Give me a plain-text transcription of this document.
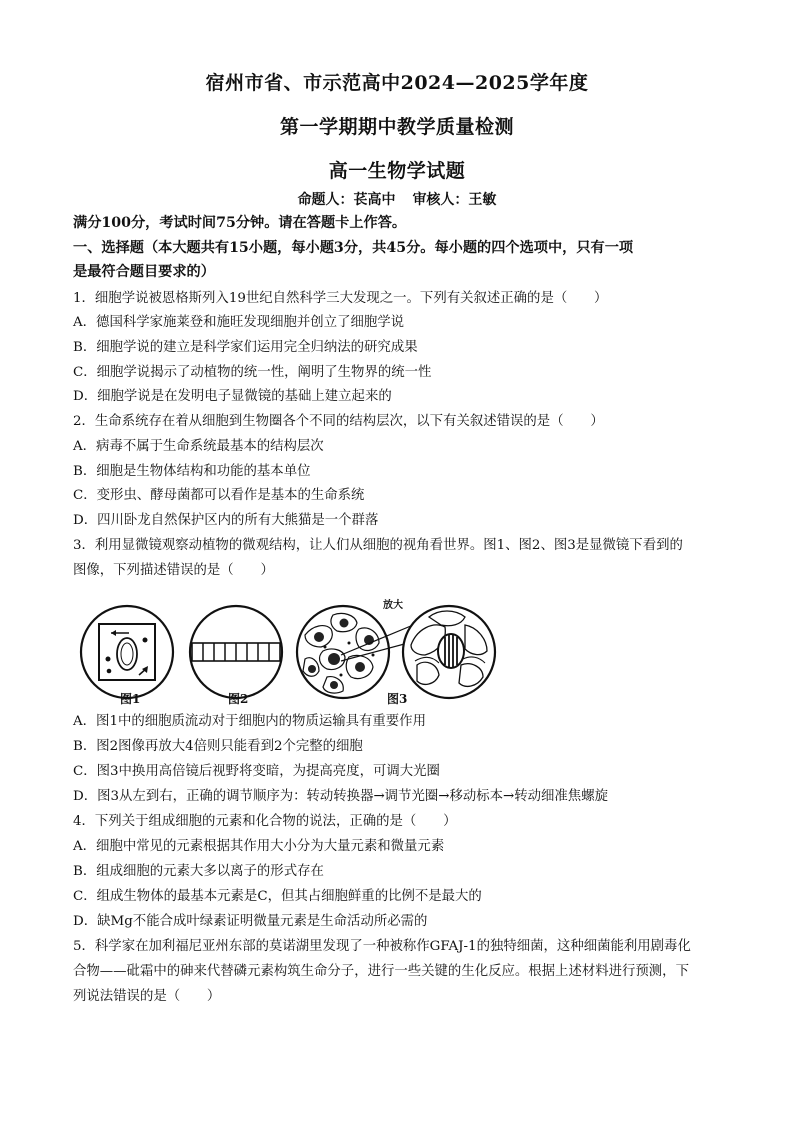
宿州市省、市示范高中2024—2025学年度
第一学期期中教学质量检测
高一生物学试题
命题人：苌高中 审核人：王敏
满分100分，考试时间75分钟。请在答题卡上作答。
一、选择题（本大题共有15小题，每小题3分，共45分。每小题的四个选项中，只有一项
是最符合题目要求的）
1．细胞学说被恩格斯列入19世纪自然科学三大发现之一。下列有关叙述正确的是（　　）
A．德国科学家施莱登和施旺发现细胞并创立了细胞学说
B．细胞学说的建立是科学家们运用完全归纳法的研究成果
C．细胞学说揭示了动植物的统一性，阐明了生物界的统一性
D．细胞学说是在发明电子显微镜的基础上建立起来的
2．生命系统存在着从细胞到生物圈各个不同的结构层次，以下有关叙述错误的是（　　）
A．病毒不属于生命系统最基本的结构层次
B．细胞是生物体结构和功能的基本单位
C．变形虫、酵母菌都可以看作是基本的生命系统
D．四川卧龙自然保护区内的所有大熊猫是一个群落
3．利用显微镜观察动植物的微观结构，让人们从细胞的视角看世界。图1、图2、图3是显微镜下看到的
图像，下列描述错误的是（　　）
放大
图1	图2	图3
A．图1中的细胞质流动对于细胞内的物质运输具有重要作用
B．图2图像再放大4倍则只能看到2个完整的细胞
C．图3中换用高倍镜后视野将变暗，为提高亮度，可调大光圈
D．图3从左到右，正确的调节顺序为：转动转换器→调节光圈→移动标本→转动细准焦螺旋
4．下列关于组成细胞的元素和化合物的说法，正确的是（　　）
A．细胞中常见的元素根据其作用大小分为大量元素和微量元素
B．组成细胞的元素大多以离子的形式存在
C．组成生物体的最基本元素是C，但其占细胞鲜重的比例不是最大的
D．缺Mg不能合成叶绿素证明微量元素是生命活动所必需的
5．科学家在加利福尼亚州东部的莫诺湖里发现了一种被称作GFAJ-1的独特细菌，这种细菌能利用剧毒化
合物——砒霜中的砷来代替磷元素构筑生命分子，进行一些关键的生化反应。根据上述材料进行预测，下
列说法错误的是（　　）
